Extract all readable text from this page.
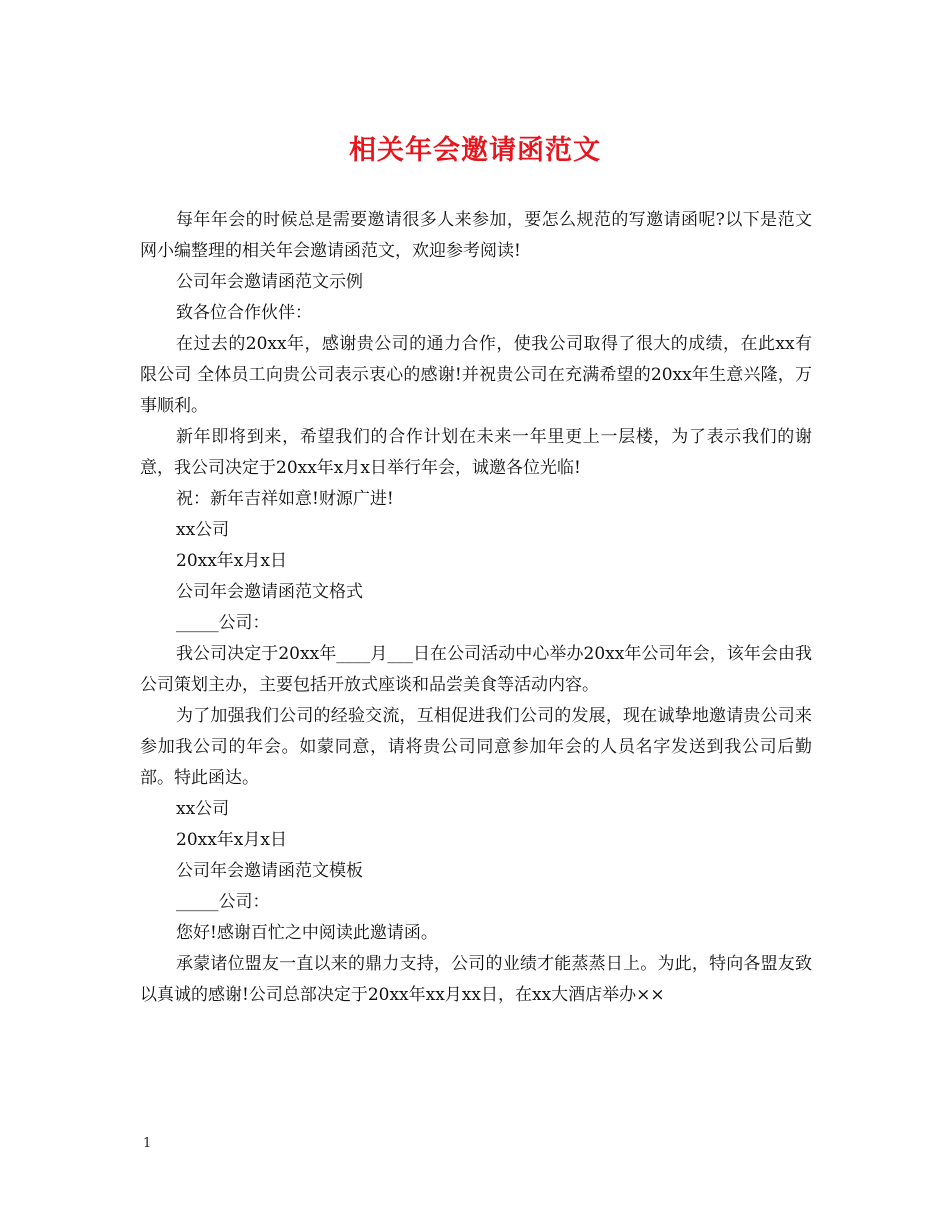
相关年会邀请函范文

每年年会的时候总是需要邀请很多人来参加，要怎么规范的写邀请函呢?以下是范文网小编整理的相关年会邀请函范文，欢迎参考阅读!

公司年会邀请函范文示例

致各位合作伙伴：

在过去的20xx年，感谢贵公司的通力合作，使我公司取得了很大的成绩，在此xx有限公司 全体员工向贵公司表示衷心的感谢!并祝贵公司在充满希望的20xx年生意兴隆，万事顺利。

新年即将到来，希望我们的合作计划在未来一年里更上一层楼，为了表示我们的谢意，我公司决定于20xx年x月x日举行年会，诚邀各位光临!

祝：新年吉祥如意!财源广进!

xx公司

20xx年x月x日

公司年会邀请函范文格式

_____公司：

我公司决定于20xx年____月___日在公司活动中心举办20xx年公司年会，该年会由我公司策划主办，主要包括开放式座谈和品尝美食等活动内容。

为了加强我们公司的经验交流，互相促进我们公司的发展，现在诚挚地邀请贵公司来参加我公司的年会。如蒙同意，请将贵公司同意参加年会的人员名字发送到我公司后勤部。特此函达。

xx公司

20xx年x月x日

公司年会邀请函范文模板

_____公司：

您好!感谢百忙之中阅读此邀请函。

承蒙诸位盟友一直以来的鼎力支持，公司的业绩才能蒸蒸日上。为此，特向各盟友致以真诚的感谢!公司总部决定于20xx年xx月xx日，在xx大酒店举办××

1
